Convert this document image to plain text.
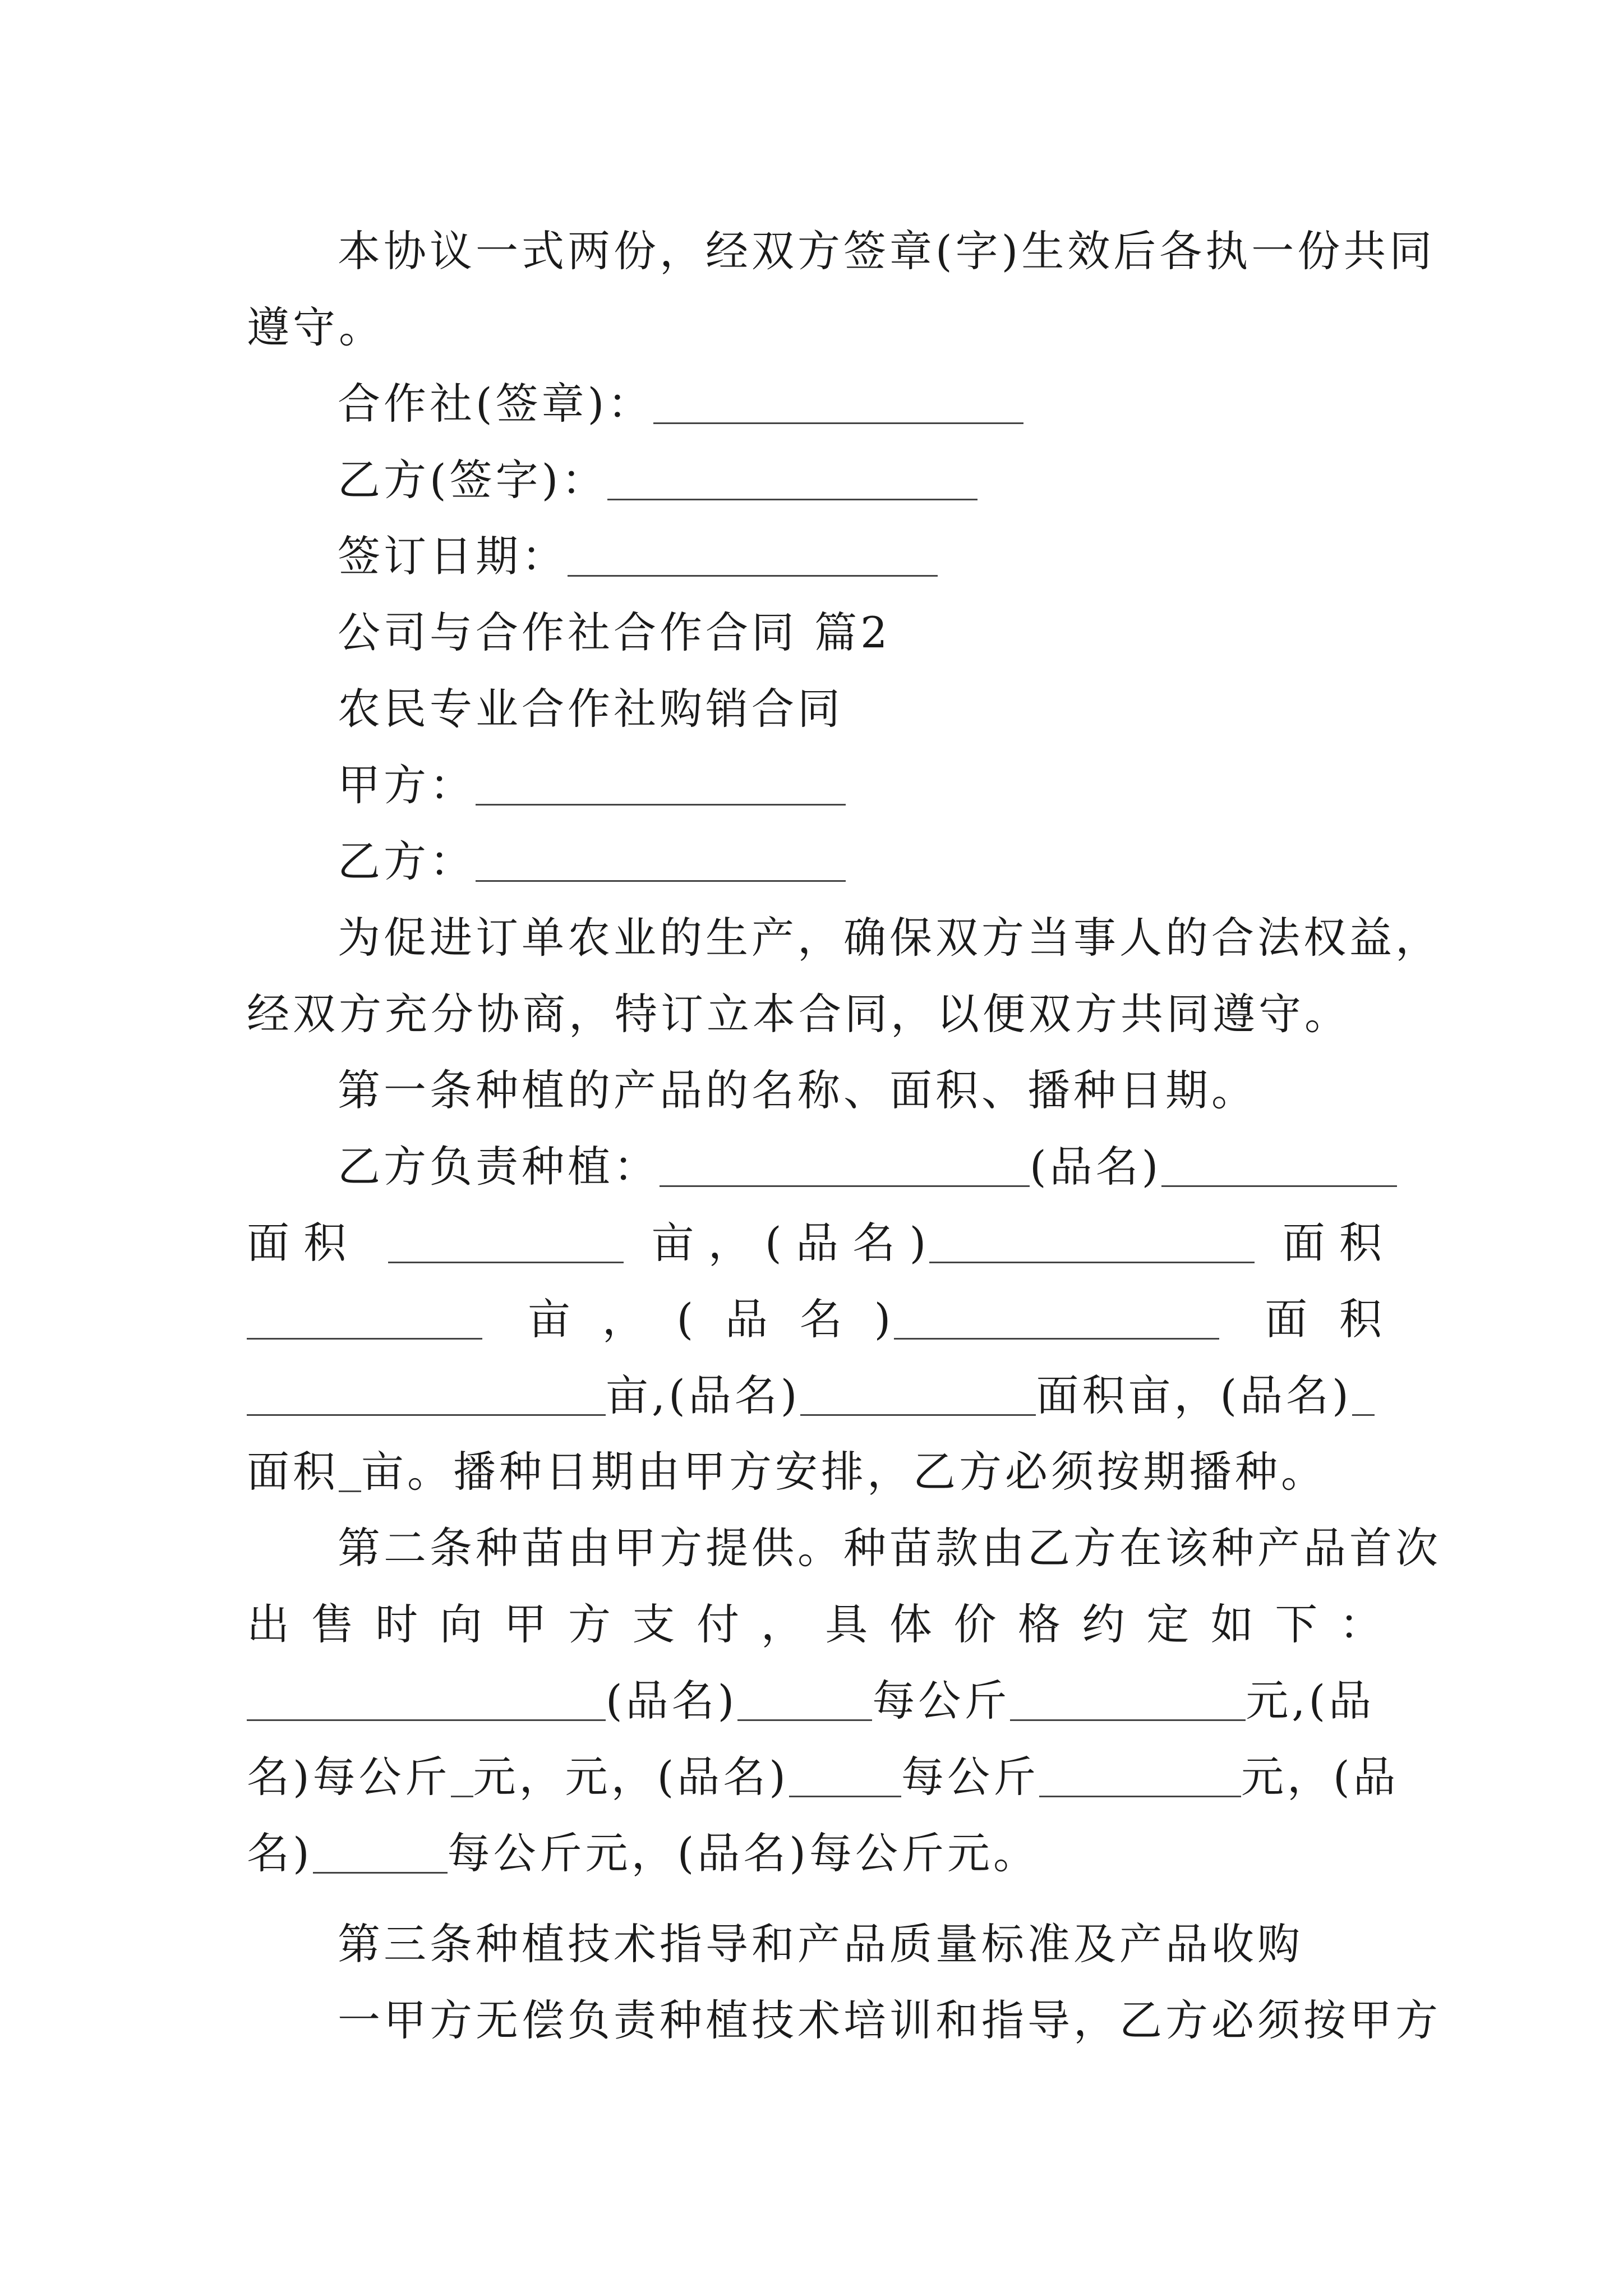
本协议一式两份，经双方签章(字)生效后各执一份共同
遵守。
合作社(签章)：
乙方(签字)：
签订日期：
公司与合作社合作合同 篇2
农民专业合作社购销合同
甲方：
乙方：
为促进订单农业的生产，确保双方当事人的合法权益，
经双方充分协商，特订立本合同，以便双方共同遵守。
第一条种植的产品的名称、面积、播种日期。
乙方负责种植：	(品名)
面积	亩，(品名)	面积
亩，(品名)	面积
亩,(品名)	面积亩，(品名)
面积 亩。播种日期由甲方安排，乙方必须按期播种。
第二条种苗由甲方提供。种苗款由乙方在该种产品首次
出售时向甲方支付，具体价格约定如下：
(品名)	每公斤	元,(品
名)每公斤 元，元，(品名)	每公斤	元，(品
名)	每公斤元，(品名)每公斤元。
第三条种植技术指导和产品质量标准及产品收购
一甲方无偿负责种植技术培训和指导，乙方必须按甲方
